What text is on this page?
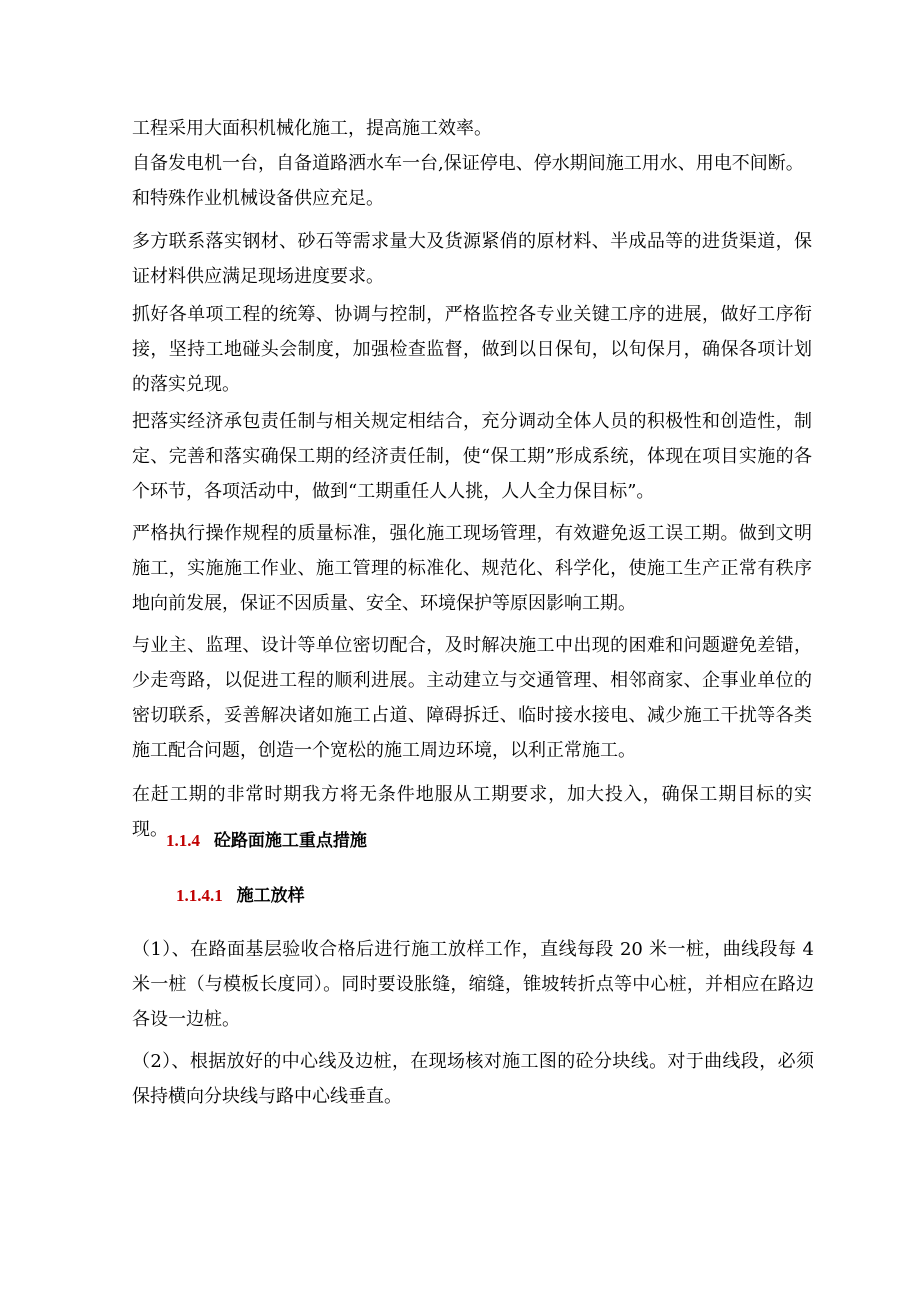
工程采用大面积机械化施工，提高施工效率。

自备发电机一台，自备道路洒水车一台,保证停电、停水期间施工用水、用电不间断。

和特殊作业机械设备供应充足。

多方联系落实钢材、砂石等需求量大及货源紧俏的原材料、半成品等的进货渠道，保证材料供应满足现场进度要求。

抓好各单项工程的统筹、协调与控制，严格监控各专业关键工序的进展，做好工序衔接，坚持工地碰头会制度，加强检查监督，做到以日保旬，以旬保月，确保各项计划的落实兑现。

把落实经济承包责任制与相关规定相结合，充分调动全体人员的积极性和创造性，制定、完善和落实确保工期的经济责任制，使“保工期”形成系统，体现在项目实施的各个环节，各项活动中，做到“工期重任人人挑，人人全力保目标”。

严格执行操作规程的质量标准，强化施工现场管理，有效避免返工误工期。做到文明施工，实施施工作业、施工管理的标准化、规范化、科学化，使施工生产正常有秩序地向前发展，保证不因质量、安全、环境保护等原因影响工期。

与业主、监理、设计等单位密切配合，及时解决施工中出现的困难和问题避免差错，少走弯路，以促进工程的顺利进展。主动建立与交通管理、相邻商家、企事业单位的密切联系，妥善解决诸如施工占道、障碍拆迁、临时接水接电、减少施工干扰等各类施工配合问题，创造一个宽松的施工周边环境，以利正常施工。

在赶工期的非常时期我方将无条件地服从工期要求，加大投入，确保工期目标的实现。

1.1.4 砼路面施工重点措施
1.1.4.1 施工放样

（1）、在路面基层验收合格后进行施工放样工作，直线每段 20 米一桩，曲线段每 4 米一桩（与模板长度同）。同时要设胀缝，缩缝，锥坡转折点等中心桩，并相应在路边各设一边桩。

（2）、根据放好的中心线及边桩，在现场核对施工图的砼分块线。对于曲线段，必须保持横向分块线与路中心线垂直。
